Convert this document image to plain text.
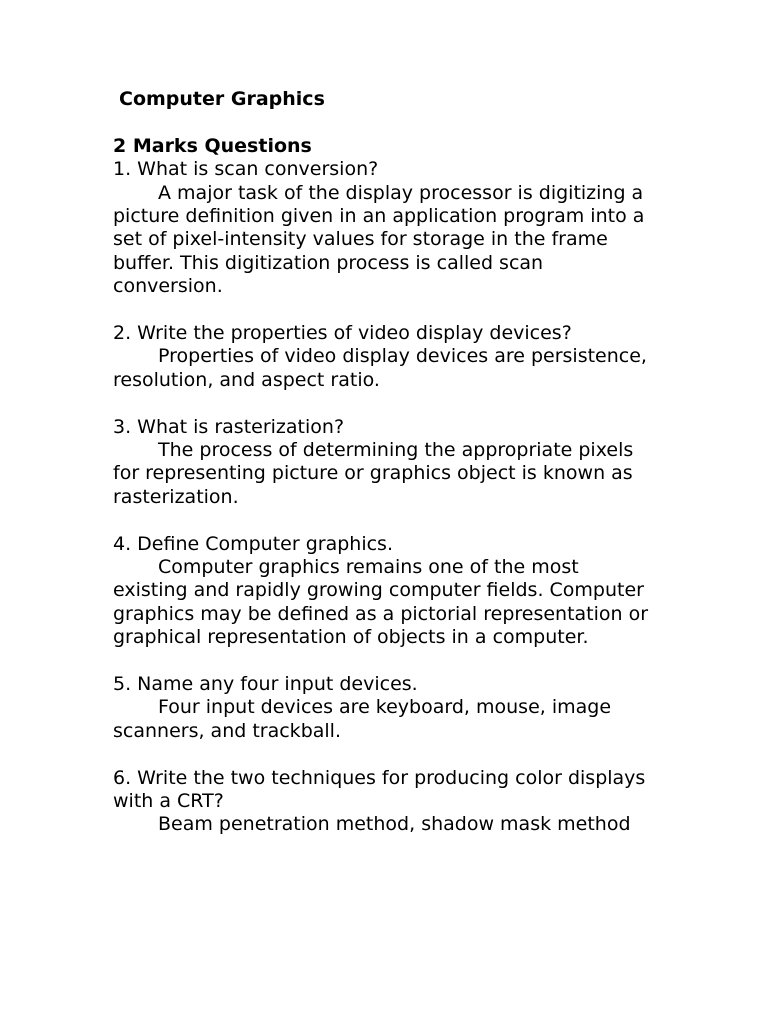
Computer Graphics
2 Marks Questions
1. What is scan conversion?
A major task of the display processor is digitizing a picture definition given in an application program into a set of pixel-intensity values for storage in the frame buffer. This digitization process is called scan conversion.
2. Write the properties of video display devices?
Properties of video display devices are persistence, resolution, and aspect ratio.
3. What is rasterization?
The process of determining the appropriate pixels for representing picture or graphics object is known as rasterization.
4. Define Computer graphics.
Computer graphics remains one of the most existing and rapidly growing computer fields. Computer graphics may be defined as a pictorial representation or graphical representation of objects in a computer.
5. Name any four input devices.
Four input devices are keyboard, mouse, image scanners, and trackball.
6. Write the two techniques for producing color displays with a CRT?
Beam penetration method, shadow mask method
